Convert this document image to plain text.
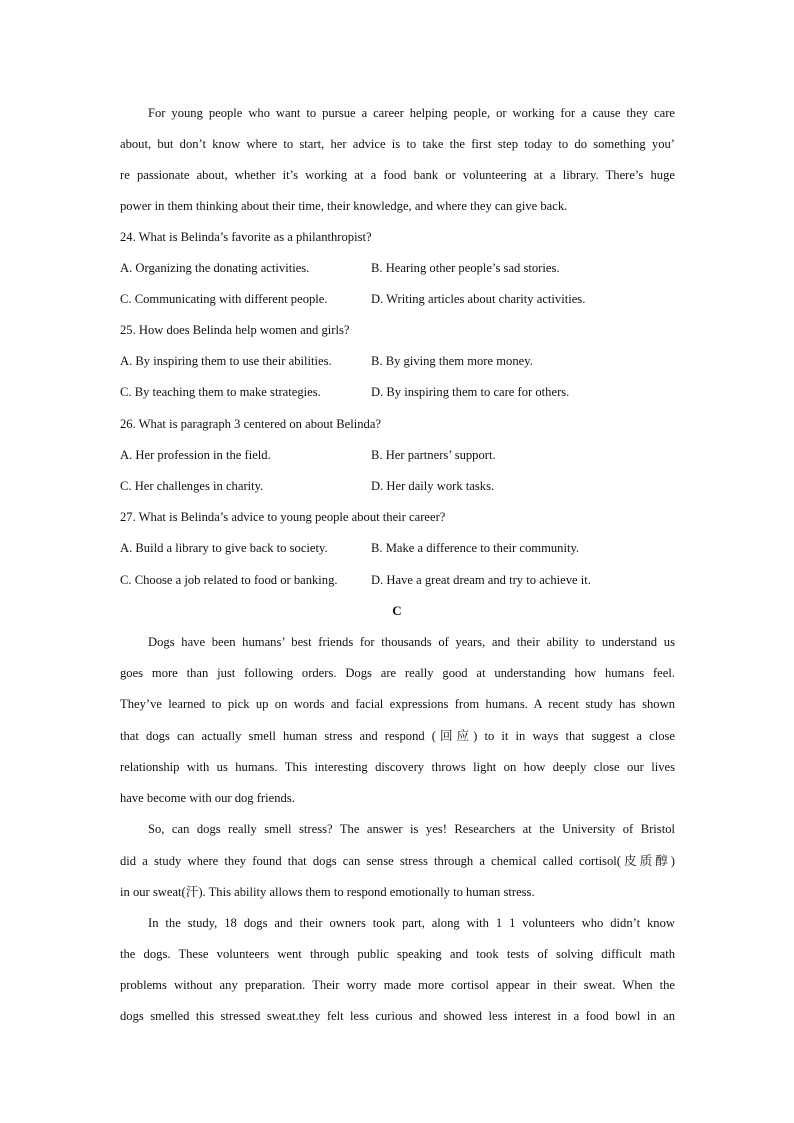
For young people who want to pursue a career helping people, or working for a cause they care
about, but don’t know where to start, her advice is to take the first step today to do something you’
re passionate about, whether it’s working at a food bank or volunteering at a library. There’s huge
power in them thinking about their time, their knowledge, and where they can give back.
24. What is Belinda’s favorite as a philanthropist?
A. Organizing the donating activities.	B. Hearing other people’s sad stories.
C. Communicating with different people.	D. Writing articles about charity activities.
25. How does Belinda help women and girls?
A. By inspiring them to use their abilities.	B. By giving them more money.
C. By teaching them to make strategies.	D. By inspiring them to care for others.
26. What is paragraph 3 centered on about Belinda?
A. Her profession in the field.	B. Her partners’ support.
C. Her challenges in charity.	D. Her daily work tasks.
27. What is Belinda’s advice to young people about their career?
A. Build a library to give back to society.	B. Make a difference to their community.
C. Choose a job related to food or banking.	D. Have a great dream and try to achieve it.
C
Dogs have been humans’ best friends for thousands of years, and their ability to understand us
goes more than just following orders. Dogs are really good at understanding how humans feel.
They’ve learned to pick up on words and facial expressions from humans. A recent study has shown
that dogs can actually smell human stress and respond (回应) to it in ways that suggest a close
relationship with us humans. This interesting discovery throws light on how deeply close our lives
have become with our dog friends.
So, can dogs really smell stress? The answer is yes! Researchers at the University of Bristol
did a study where they found that dogs can sense stress through a chemical called cortisol(皮质醇)
in our sweat(汗). This ability allows them to respond emotionally to human stress.
In the study, 18 dogs and their owners took part, along with 1 1 volunteers who didn’t know
the dogs. These volunteers went through public speaking and took tests of solving difficult math
problems without any preparation. Their worry made more cortisol appear in their sweat. When the
dogs smelled this stressed sweat.they felt less curious and showed less interest in a food bowl in an
